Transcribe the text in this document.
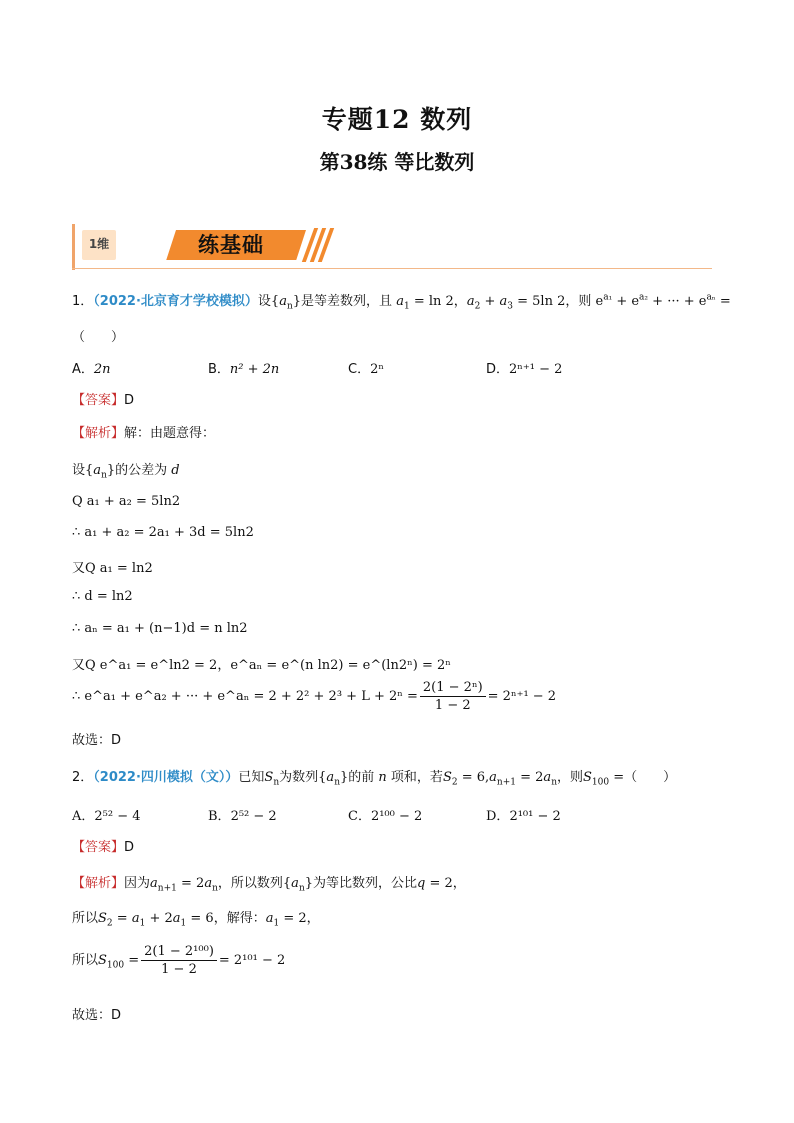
专题12 数列
第38练 等比数列
1维	练基础
1．（2022·北京育才学校模拟）设$\{a_n\}$是等差数列，且 $a_1 = \ln 2$，$a_2 + a_3 = 5\ln$ 2，则 $e^{a_1} + e^{a_2}$ + ··· + $e^{a_n}$ =
（　　）
A．2n	B．n² + 2n	C．2ⁿ	D．2ⁿ⁺¹ − 2
【答案】D
【解析】解：由题意得：
设$\{a_n\}$的公差为 d
Q a₁ + a₂ = 5ln2
∴ a₁ + a₂ = 2a₁ + 3d = 5ln2
又Q a₁ = ln2
∴ d = ln2
∴ aₙ = a₁ + (n−1)d = n ln2
又Q e^a₁ = e^ln2 = 2，e^aₙ = e^(n ln2) = e^(ln2ⁿ) = 2ⁿ
∴ e^a₁ + e^a₂ + ··· + e^aₙ = $2 + 2^2 + 2^3 + L + 2^n = \frac{\text{2(1 − 2ⁿ)}}{1 - 2} = 2^{n+1} - 2$
故选：D
2．（2022·四川模拟（文））已知$S_n$为数列$\{a_n\}$的前 n 项和，若$S_2 = 6,a_{n+1} = 2a_n$，则$S_{100}$ =（　　）
A．2⁵² − 4	B．2⁵² − 2	C．2¹⁰⁰ − 2	D．2¹⁰¹ − 2
【答案】D
【解析】因为$a_{n+1} = 2a_n$，所以数列$\{a_n\}$为等比数列，公比q = 2，
所以$S_2 = a_1 + 2a_1 = 6$，解得：$a_1 = 2$，
所以$S_{100} = \frac{\text{2(1 − 2¹⁰⁰)}}{1 - 2} = 2^{101} - 2$
故选：D
